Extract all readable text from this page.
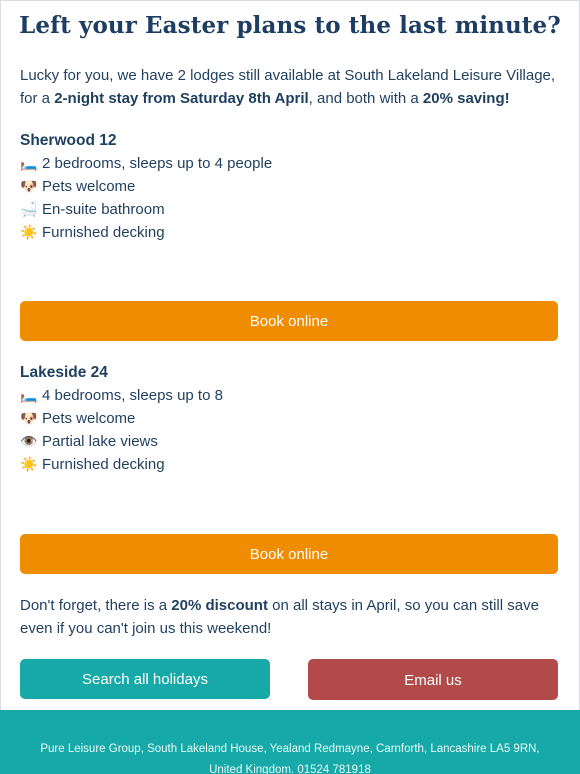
Left your Easter plans to the last minute?

Lucky for you, we have 2 lodges still available at South Lakeland Leisure Village, for a 2-night stay from Saturday 8th April, and both with a 20% saving!

Sherwood 12
🛏️ 2 bedrooms, sleeps up to 4 people
🐶 Pets welcome
🛁 En-suite bathroom
☀️ Furnished decking
Book online
Lakeside 24
🛏️ 4 bedrooms, sleeps up to 8
🐶 Pets welcome
👁️ Partial lake views
☀️ Furnished decking
Book online

Don't forget, there is a 20% discount on all stays in April, so you can still save even if you can't join us this weekend!

Search all holidays	Email us
Pure Leisure Group, South Lakeland House, Yealand Redmayne, Carnforth, Lancashire LA5 9RN, United Kingdom. 01524 781918
